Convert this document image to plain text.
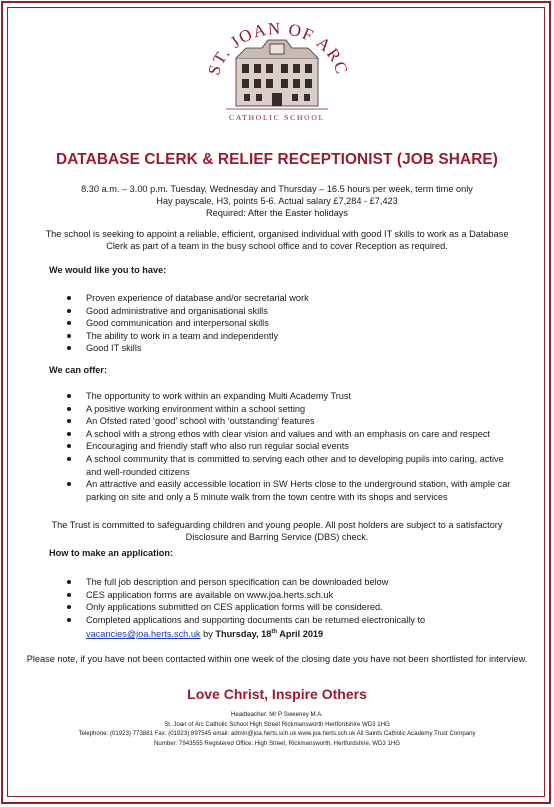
ST. JOAN OF ARC
CATHOLIC SCHOOL
DATABASE CLERK & RELIEF RECEPTIONIST (JOB SHARE)
8.30 a.m. – 3.00 p.m. Tuesday, Wednesday and Thursday – 16.5 hours per week, term time only
Hay payscale, H3, points 5-6. Actual salary £7,284 - £7,423
Required: After the Easter holidays
The school is seeking to appoint a reliable, efficient, organised individual with good IT skills to work as a Database
Clerk as part of a team in the busy school office and to cover Reception as required.
We would like you to have:
Proven experience of database and/or secretarial work
Good administrative and organisational skills
Good communication and interpersonal skills
The ability to work in a team and independently
Good IT skills
We can offer:
The opportunity to work within an expanding Multi Academy Trust
A positive working environment within a school setting
An Ofsted rated ‘good’ school with ‘outstanding’ features
A school with a strong ethos with clear vision and values and with an emphasis on care and respect
Encouraging and friendly staff who also run regular social events
A school community that is committed to serving each other and to developing pupils into caring, active and well-rounded citizens
An attractive and easily accessible location in SW Herts close to the underground station, with ample car parking on site and only a 5 minute walk from the town centre with its shops and services
The Trust is committed to safeguarding children and young people. All post holders are subject to a satisfactory
Disclosure and Barring Service (DBS) check.
How to make an application:
The full job description and person specification can be downloaded below
CES application forms are available on www.joa.herts.sch.uk
Only applications submitted on CES application forms will be considered.
Completed applications and supporting documents can be returned electronically to
vacancies@joa.herts.sch.uk by Thursday, 18th April 2019
Please note, if you have not been contacted within one week of the closing date you have not been shortlisted for interview.
Love Christ, Inspire Others
Headteacher: Mr P Sweeney M.A.
St. Joan of Arc Catholic School High Street Rickmansworth Hertfordshire WD3 1HG
Telephone: (01923) 773881 Fax: (01923) 897545 email: admin@joa.herts.sch.uk www.joa.herts.sch.uk All Saints Catholic Academy Trust Company
Number: 7943555 Registered Office: High Street, Rickmansworth, Hertfordshire, WD3 1HG
